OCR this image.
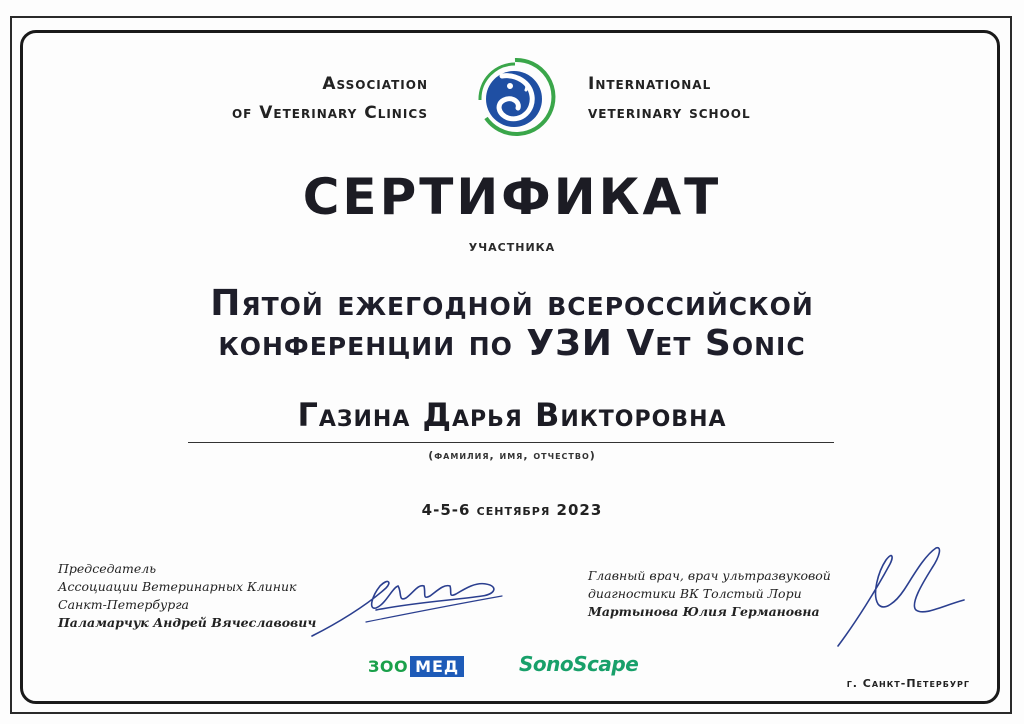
Association
of Veterinary Clinics
International
veterinary school
СЕРТИФИКАТ
участника
Пятой ежегодной всероссийской
конференции по УЗИ Vet Sonic
Газина Дарья Викторовна
(фамилия, имя, отчество)
4-5-6 сентября 2023
Председатель
Ассоциации Ветеринарных Клиник
Санкт-Петербурга
Паламарчук Андрей Вячеславович
Главный врач, врач ультразвуковой
диагностики ВК Толстый Лори
Мартынова Юлия Германовна
ЗОО МЕД	SonoScape
г. Санкт-Петербург
